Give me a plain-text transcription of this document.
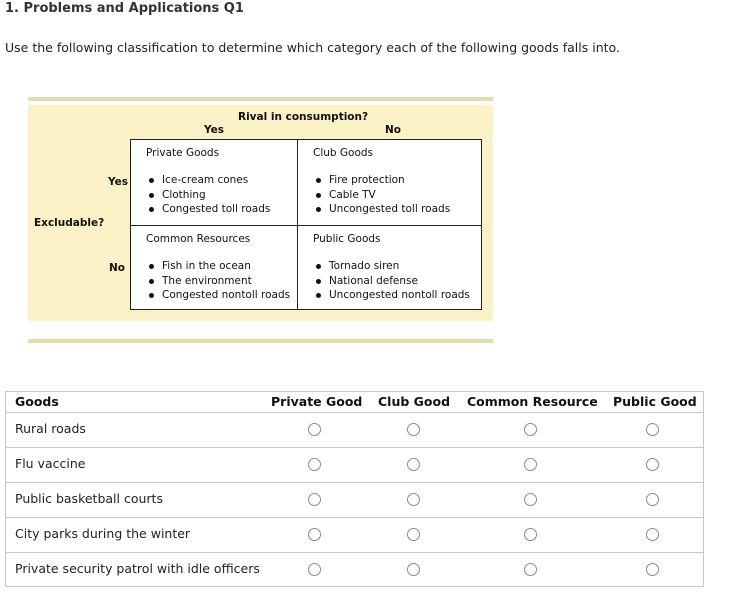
1. Problems and Applications Q1
Use the following classification to determine which category each of the following goods falls into.
Rival in consumption?
Yes	No
Excludable?
Yes
No
Private Goods
Ice-cream cones
Clothing
Congested toll roads
Club Goods
Fire protection
Cable TV
Uncongested toll roads
Common Resources
Fish in the ocean
The environment
Congested nontoll roads
Public Goods
Tornado siren
National defense
Uncongested nontoll roads
Goods	Private Good Club Good Common Resource Public Good
Rural roads
Flu vaccine
Public basketball courts
City parks during the winter
Private security patrol with idle officers
